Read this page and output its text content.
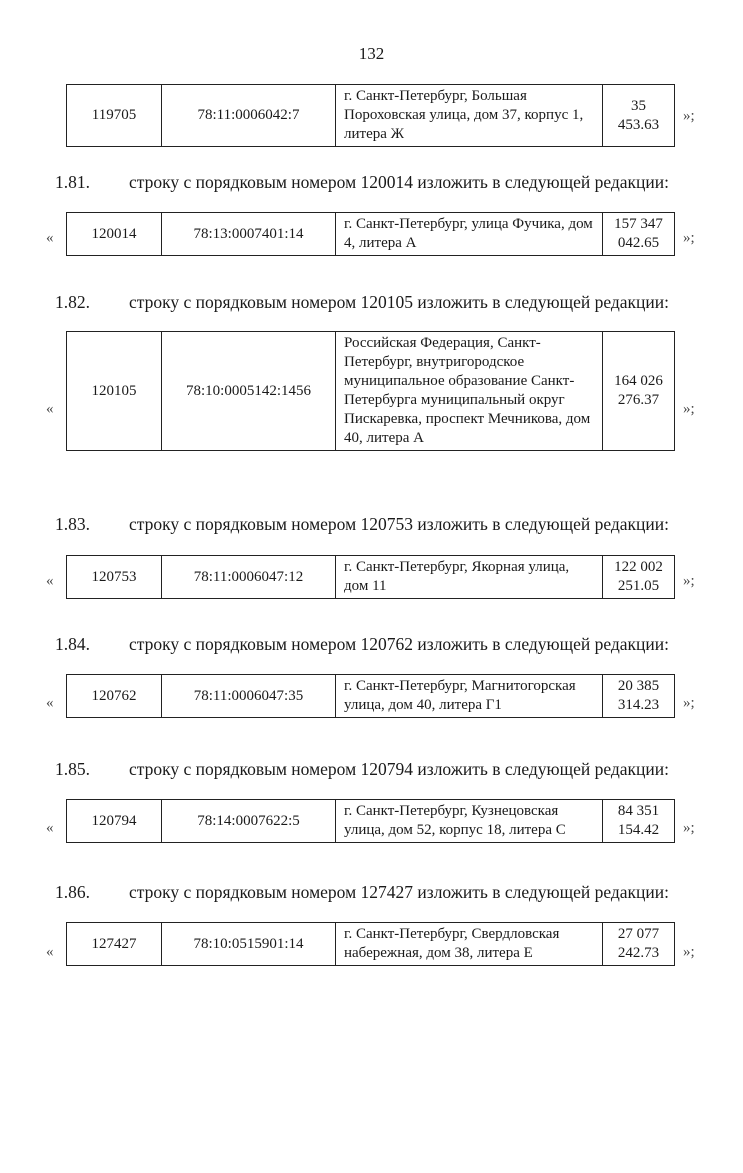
132
119705	78:11:0006042:7	г. Санкт-Петербург, Большая Пороховская улица, дом 37, корпус 1, литера Ж	35 453.63
»;
1.81. строку с порядковым номером 120014 изложить в следующей редакции:
«	120014	78:13:0007401:14	г. Санкт-Петербург, улица Фучика, дом 4, литера А	157 347 042.65 »;
1.82. строку с порядковым номером 120105 изложить в следующей редакции:
«
120105	78:10:0005142:1456	Российская Федерация, Санкт-Петербург, внутригородское муниципальное образование Санкт-Петербурга муниципальный округ Пискаревка, проспект Мечникова, дом 40, литера А	164 026 276.37
»;
1.83. строку с порядковым номером 120753 изложить в следующей редакции:
«	120753	78:11:0006047:12	г. Санкт-Петербург, Якорная улица, дом 11	122 002 251.05 »;
1.84. строку с порядковым номером 120762 изложить в следующей редакции:
«	120762	78:11:0006047:35	г. Санкт-Петербург, Магнитогорская улица, дом 40, литера Г1	20 385 314.23 »;
1.85. строку с порядковым номером 120794 изложить в следующей редакции:
«	120794	78:14:0007622:5	г. Санкт-Петербург, Кузнецовская улица, дом 52, корпус 18, литера С	84 351 154.42 »;
1.86. строку с порядковым номером 127427 изложить в следующей редакции:
«
127427	78:10:0515901:14	г. Санкт-Петербург, Свердловская набережная, дом 38, литера Е	27 077 242.73 »;
